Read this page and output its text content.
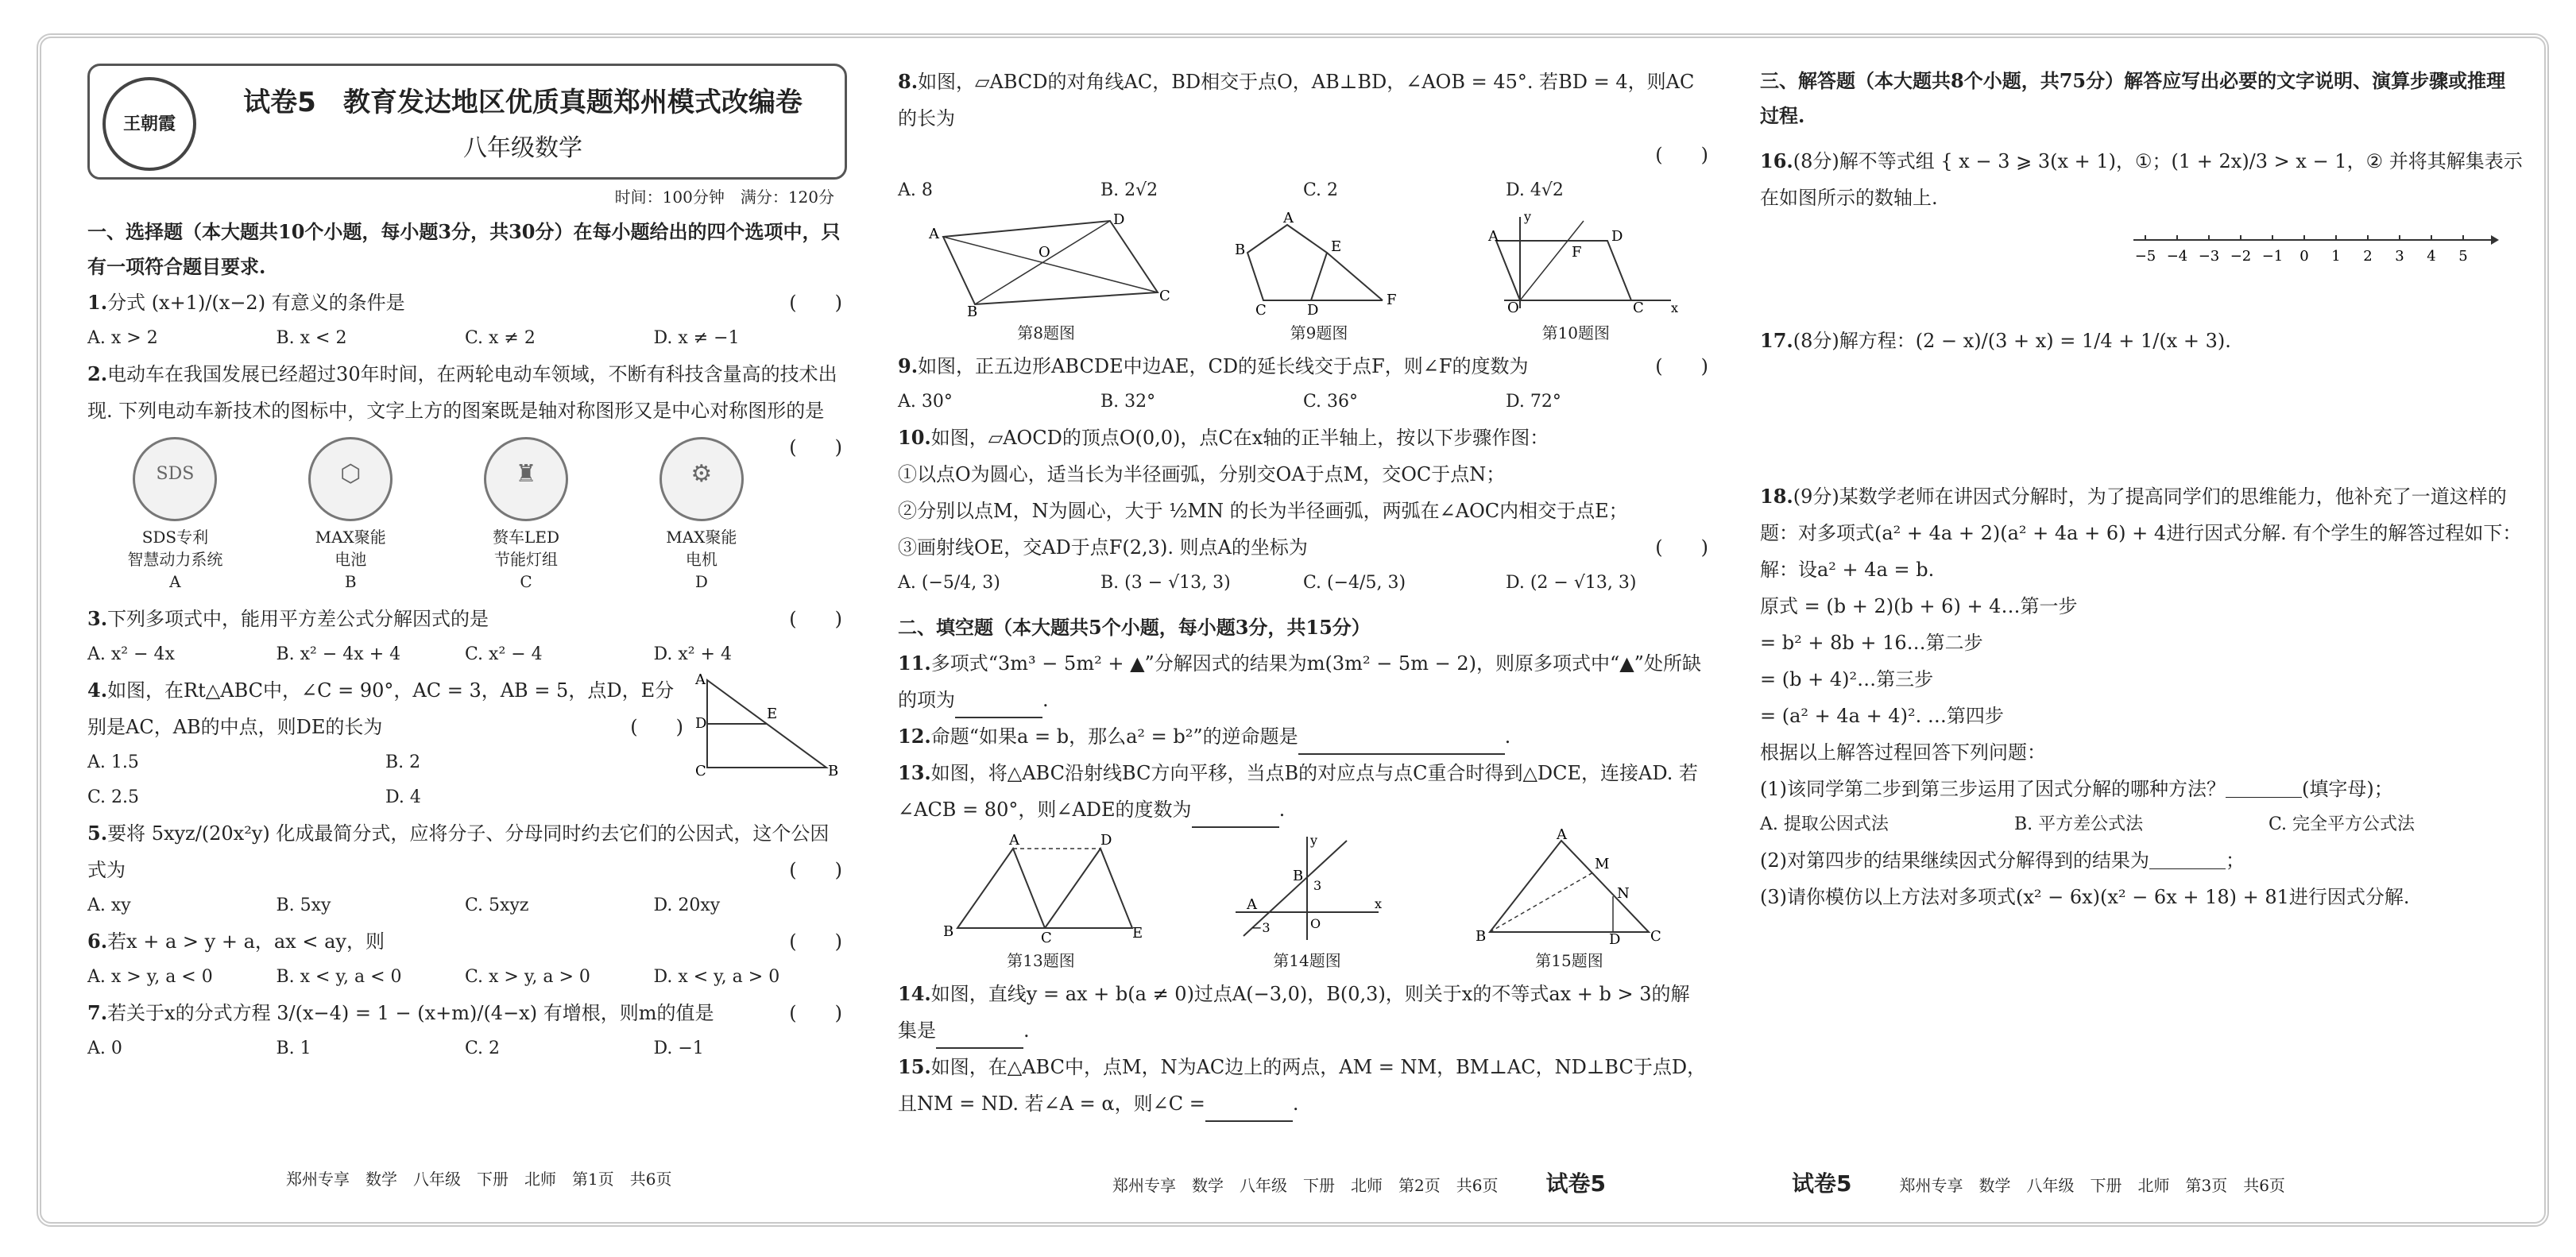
王朝霞
试卷5　教育发达地区优质真题郑州模式改编卷
八年级数学
时间：100分钟　满分：120分

一、选择题（本大题共10个小题，每小题3分，共30分）在每小题给出的四个选项中，只有一项符合题目要求.

1.分式 (x+1)/(x−2) 有意义的条件是	(　　)

A. x > 2	B. x < 2	C. x ≠ 2	D. x ≠ −1

2.电动车在我国发展已经超过30年时间，在两轮电动车领域，不断有科技含量高的技术出现. 下列电动车新技术的图标中，文字上方的图案既是轴对称图形又是中心对称图形的是
(　　)

SDS
SDS专利
智慧动力系统
A
⬡
MAX聚能
电池
B
♜
赘车LED
节能灯组
C
⚙
MAX聚能
电机
D

3.下列多项式中，能用平方差公式分解因式的是	(　　)

A. x² − 4x	B. x² − 4x + 4	C. x² − 4	D. x² + 4

4.如图，在Rt△ABC中，∠C = 90°，AC = 3，AB = 5，点D，E分别是AC，AB的中点，则DE的长为	(　　)

A. 1.5	B. 2
C. 2.5	D. 4
A
D
E
C	B

5.要将 5xyz/(20x²y) 化成最简分式，应将分子、分母同时约去它们的公因式，这个公因式为	(　　)

A. xy	B. 5xy	C. 5xyz	D. 20xy

6.若x + a > y + a，ax < ay，则	(　　)

A. x > y, a < 0	B. x < y, a < 0	C. x > y, a > 0	D. x < y, a > 0

7.若关于x的分式方程 3/(x−4) = 1 − (x+m)/(4−x) 有增根，则m的值是	(　　)

A. 0	B. 1	C. 2	D. −1
郑州专享　数学　八年级　下册　北师　第1页　共6页

8.如图，▱ABCD的对角线AC，BD相交于点O，AB⊥BD，∠AOB = 45°. 若BD = 4，则AC的长为

(　　)

A. 8	B. 2√2	C. 2	D. 4√2
A
D
C
B
O
第8题图
A
E
B
C	D
F
第9题图
A	D
C
O
F
y
x
第10题图

9.如图，正五边形ABCDE中边AE，CD的延长线交于点F，则∠F的度数为	(　　)

A. 30°	B. 32°	C. 36°	D. 72°

10.如图，▱AOCD的顶点O(0,0)，点C在x轴的正半轴上，按以下步骤作图：

①以点O为圆心，适当长为半径画弧，分别交OA于点M，交OC于点N；

②分别以点M，N为圆心，大于 ½MN 的长为半径画弧，两弧在∠AOC内相交于点E；

③画射线OE，交AD于点F(2,3). 则点A的坐标为	(　　)

A. (−5/4, 3)	B. (3 − √13, 3)	C. (−4/5, 3)	D. (2 − √13, 3)

二、填空题（本大题共5个小题，每小题3分，共15分）

11.多项式“3m³ − 5m² + ▲”分解因式的结果为m(3m² − 5m − 2)，则原多项式中“▲”处所缺的项为	.

12.命题“如果a = b，那么a² = b²”的逆命题是	.

13.如图，将△ABC沿射线BC方向平移，当点B的对应点与点C重合时得到△DCE，连接AD. 若∠ACB = 80°，则∠ADE的度数为	.

A	D
B	C	E
第13题图
y
x
B
3
A
−3	O
第14题图
A
M
N
B	D C
第15题图

14.如图，直线y = ax + b(a ≠ 0)过点A(−3,0)，B(0,3)，则关于x的不等式ax + b > 3的解集是	.

15.如图，在△ABC中，点M，N为AC边上的两点，AM = NM，BM⊥AC，ND⊥BC于点D，且NM = ND. 若∠A = α，则∠C =	.

郑州专享　数学　八年级　下册　北师　第2页　共6页 试卷5

三、解答题（本大题共8个小题，共75分）解答应写出必要的文字说明、演算步骤或推理过程.

16.(8分)解不等式组 { x − 3 ⩾ 3(x + 1)，①；(1 + 2x)/3 > x − 1，② 并将其解集表示在如图所示的数轴上.

−5 −4 −3 −2 −1 0 1 2 3 4 5

17.(8分)解方程：(2 − x)/(3 + x) = 1/4 + 1/(x + 3).

18.(9分)某数学老师在讲因式分解时，为了提高同学们的思维能力，他补充了一道这样的题：对多项式(a² + 4a + 2)(a² + 4a + 6) + 4进行因式分解. 有个学生的解答过程如下：

解：设a² + 4a = b.

原式 = (b + 2)(b + 6) + 4…第一步

= b² + 8b + 16…第二步

= (b + 4)²…第三步

= (a² + 4a + 4)². …第四步

根据以上解答过程回答下列问题：

(1)该同学第二步到第三步运用了因式分解的哪种方法？＿＿＿＿(填字母)；

A. 提取公因式法	B. 平方差公式法	C. 完全平方公式法

(2)对第四步的结果继续因式分解得到的结果为＿＿＿＿；

(3)请你模仿以上方法对多项式(x² − 6x)(x² − 6x + 18) + 81进行因式分解.

试卷5	郑州专享　数学　八年级　下册　北师　第3页　共6页
